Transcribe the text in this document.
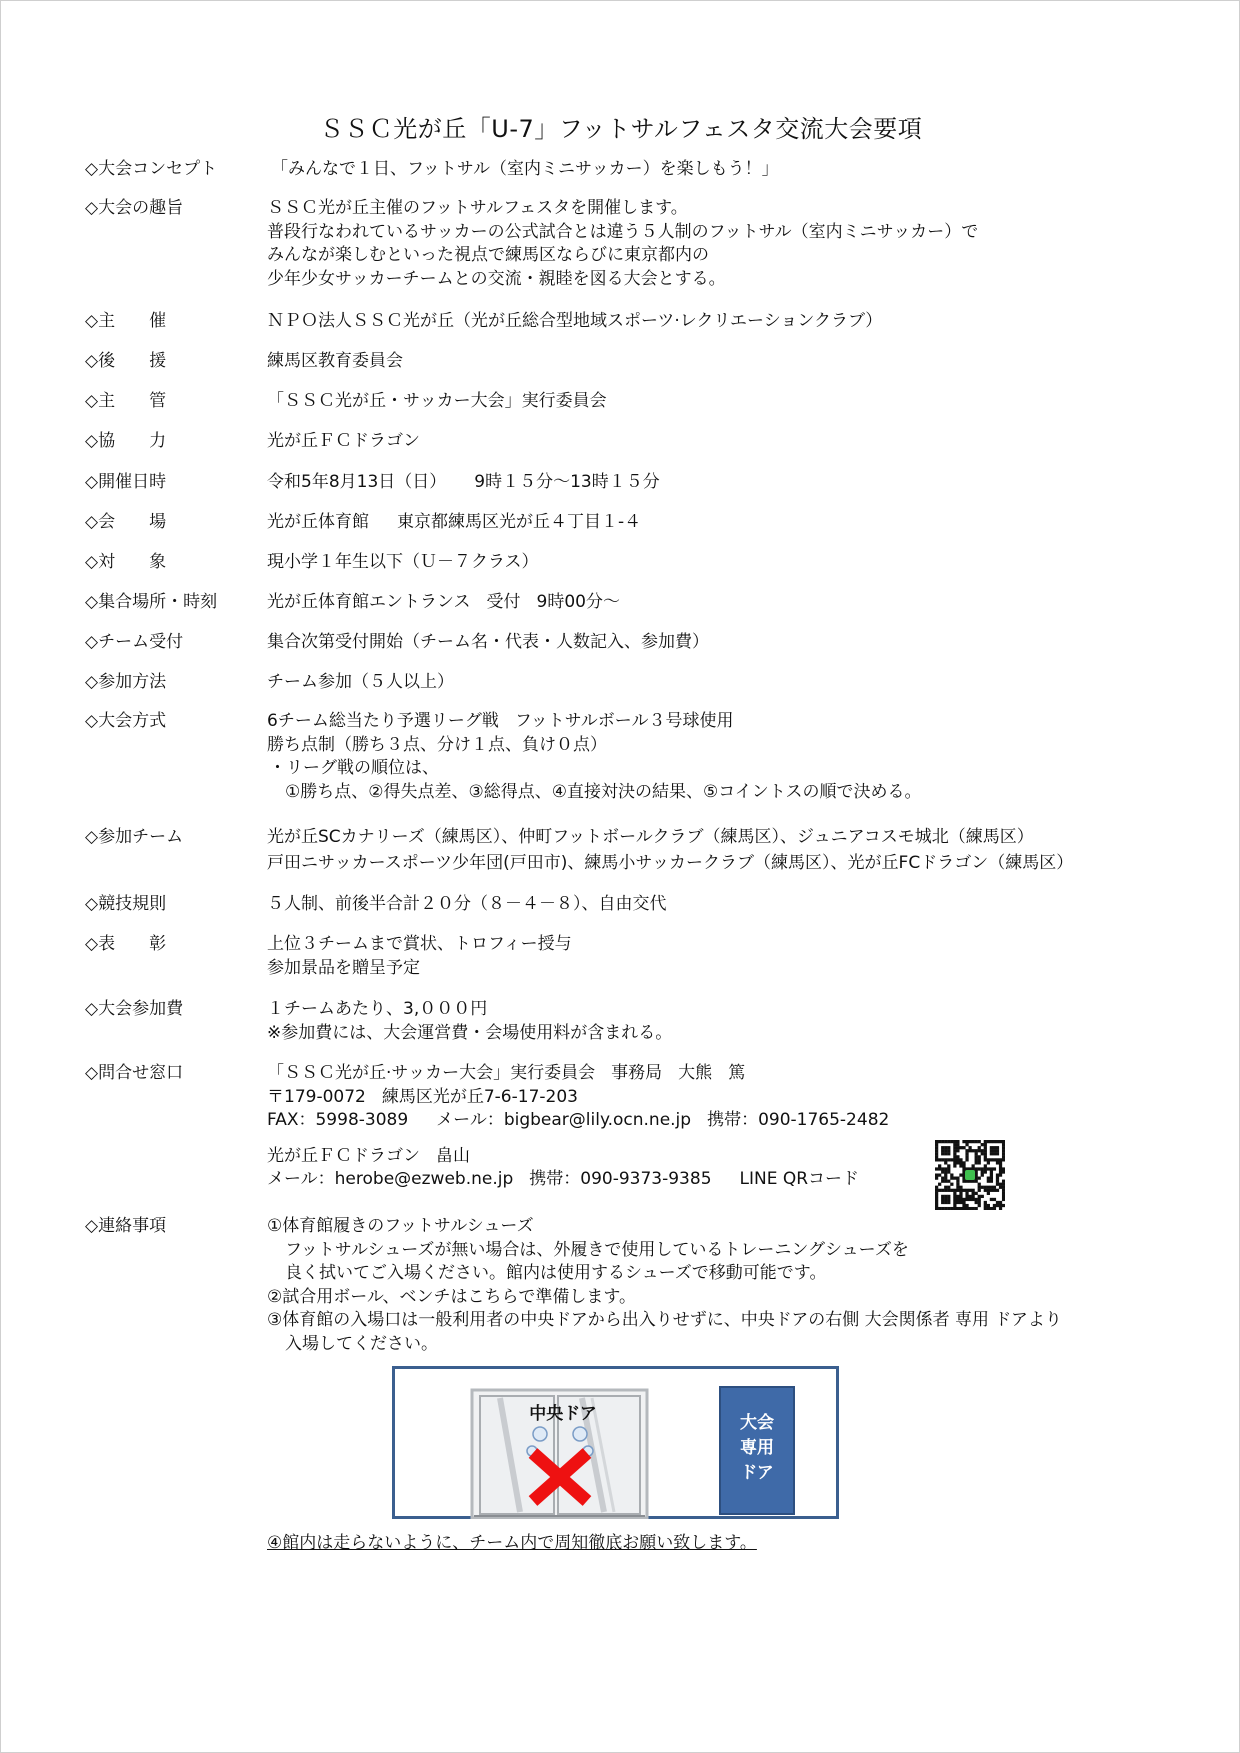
ＳＳＣ光が丘「U-7」フットサルフェスタ交流大会要項
◇大会コンセプト	「みんなで１日、フットサル（室内ミニサッカー）を楽しもう！」
◇大会の趣旨	ＳＳＣ光が丘主催のフットサルフェスタを開催します。
普段行なわれているサッカーの公式試合とは違う５人制のフットサル（室内ミニサッカー）で
みんなが楽しむといった視点で練馬区ならびに東京都内の
少年少女サッカーチームとの交流・親睦を図る大会とする。
◇主　　催	ＮＰＯ法人ＳＳＣ光が丘（光が丘総合型地域スポーツ·レクリエーションクラブ）
◇後　　援	練馬区教育委員会
◇主　　管	「ＳＳＣ光が丘・サッカー大会」実行委員会
◇協　　力	光が丘ＦＣドラゴン
◇開催日時	令和5年8月13日（日） 9時１５分～13時１５分
◇会　　場	光が丘体育館 東京都練馬区光が丘４丁目１-４
◇対　　象	現小学１年生以下（Ｕ－７クラス）
◇集合場所・時刻	光が丘体育館エントランス 受付 9時00分～
◇チーム受付	集合次第受付開始（チーム名・代表・人数記入、参加費）
◇参加方法	チーム参加（５人以上）
◇大会方式	6チーム総当たり予選リーグ戦 フットサルボール３号球使用
勝ち点制（勝ち３点、分け１点、負け０点）
・リーグ戦の順位は、
①勝ち点、②得失点差、③総得点、④直接対決の結果、⑤コイントスの順で決める。
◇参加チーム	光が丘SCカナリーズ（練馬区）、仲町フットボールクラブ（練馬区）、ジュニアコスモ城北（練馬区）
戸田ニサッカースポーツ少年団(戸田市)、練馬小サッカークラブ（練馬区）、光が丘FCドラゴン（練馬区）
◇競技規則	５人制、前後半合計２０分（８－４－８）、自由交代
◇表　　彰	上位３チームまで賞状、トロフィー授与
参加景品を贈呈予定
◇大会参加費	１チームあたり、3,０００円
※参加費には、大会運営費・会場使用料が含まれる。
◇問合せ窓口	「ＳＳＣ光が丘·サッカー大会」実行委員会 事務局 大熊 篤
〒179-0072 練馬区光が丘7-6-17-203
FAX：5998-3089 メール：bigbear@lily.ocn.ne.jp 携帯：090-1765-2482
光が丘ＦＣドラゴン 畠山
メール：herobe@ezweb.ne.jp 携帯：090-9373-9385 LINE QRコード
◇連絡事項	①体育館履きのフットサルシューズ
フットサルシューズが無い場合は、外履きで使用しているトレーニングシューズを
良く拭いてご入場ください。館内は使用するシューズで移動可能です。
②試合用ボール、ベンチはこちらで準備します。
③体育館の入場口は一般利用者の中央ドアから出入りせずに、中央ドアの右側 大会関係者 専用 ドアより
入場してください。
中央ドア	大会
専用
ドア
④館内は走らないように、チーム内で周知徹底お願い致します。
